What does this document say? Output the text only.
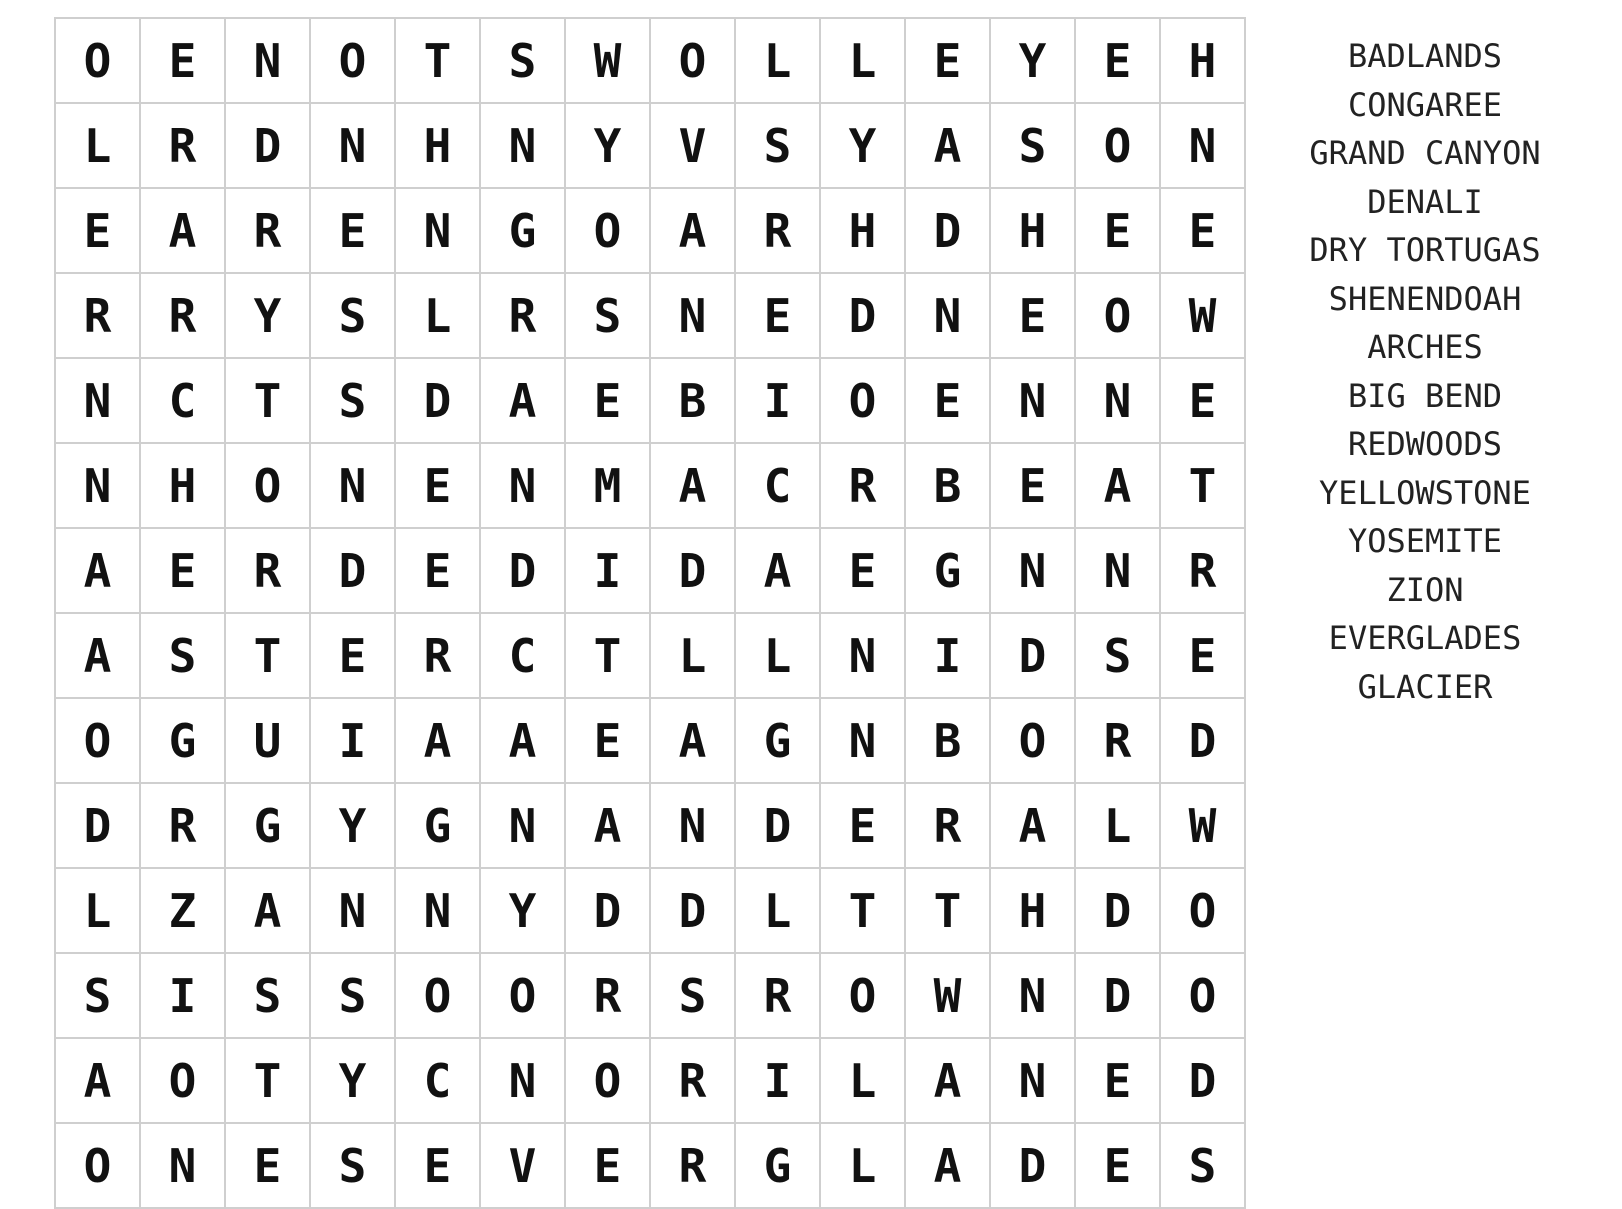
O	E	N	O	T	S	W	O	L	L	E	Y	E	H
L	R	D	N	H	N	Y	V	S	Y	A	S	O	N
E	A	R	E	N	G	O	A	R	H	D	H	E	E
R	R	Y	S	L	R	S	N	E	D	N	E	O	W
N	C	T	S	D	A	E	B	I	O	E	N	N	E
N	H	O	N	E	N	M	A	C	R	B	E	A	T
A	E	R	D	E	D	I	D	A	E	G	N	N	R
A	S	T	E	R	C	T	L	L	N	I	D	S	E
O	G	U	I	A	A	E	A	G	N	B	O	R	D
D	R	G	Y	G	N	A	N	D	E	R	A	L	W
L	Z	A	N	N	Y	D	D	L	T	T	H	D	O
S	I	S	S	O	O	R	S	R	O	W	N	D	O
A	O	T	Y	C	N	O	R	I	L	A	N	E	D
O	N	E	S	E	V	E	R	G	L	A	D	E	S
BADLANDS
CONGAREE
GRAND CANYON
DENALI
DRY TORTUGAS
SHENENDOAH
ARCHES
BIG BEND
REDWOODS
YELLOWSTONE
YOSEMITE
ZION
EVERGLADES
GLACIER
